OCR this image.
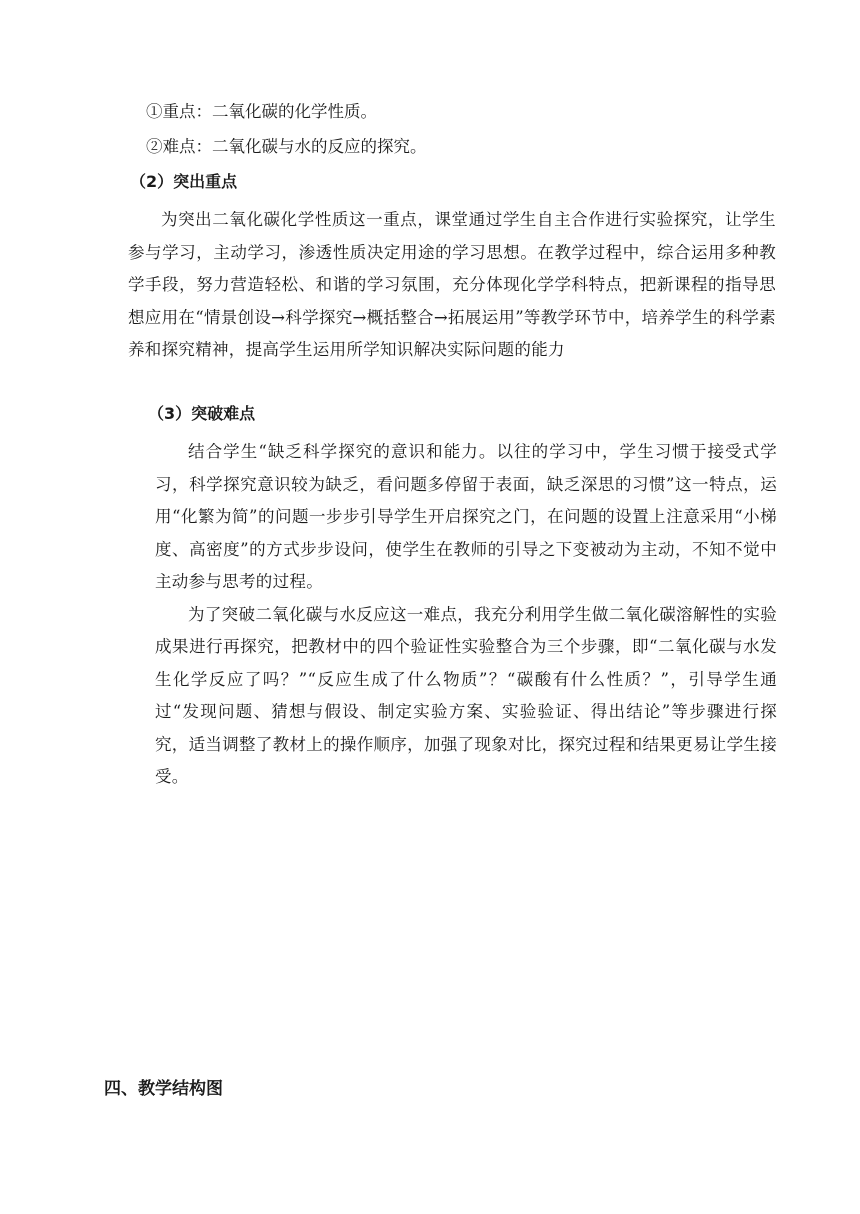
①重点：二氧化碳的化学性质。
②难点：二氧化碳与水的反应的探究。
（2）突出重点

为突出二氧化碳化学性质这一重点，课堂通过学生自主合作进行实验探究，让学生参与学习，主动学习，渗透性质决定用途的学习思想。在教学过程中，综合运用多种教学手段，努力营造轻松、和谐的学习氛围，充分体现化学学科特点，把新课程的指导思想应用在“情景创设→科学探究→概括整合→拓展运用”等教学环节中，培养学生的科学素养和探究精神，提高学生运用所学知识解决实际问题的能力

（3）突破难点

结合学生“缺乏科学探究的意识和能力。以往的学习中，学生习惯于接受式学习，科学探究意识较为缺乏，看问题多停留于表面，缺乏深思的习惯”这一特点，运用“化繁为简”的问题一步步引导学生开启探究之门，在问题的设置上注意采用“小梯度、高密度”的方式步步设问，使学生在教师的引导之下变被动为主动，不知不觉中主动参与思考的过程。

为了突破二氧化碳与水反应这一难点，我充分利用学生做二氧化碳溶解性的实验成果进行再探究，把教材中的四个验证性实验整合为三个步骤，即“二氧化碳与水发生化学反应了吗？”“反应生成了什么物质”？“碳酸有什么性质？”，引导学生通过“发现问题、猜想与假设、制定实验方案、实验验证、得出结论”等步骤进行探究，适当调整了教材上的操作顺序，加强了现象对比，探究过程和结果更易让学生接受。

四、教学结构图
